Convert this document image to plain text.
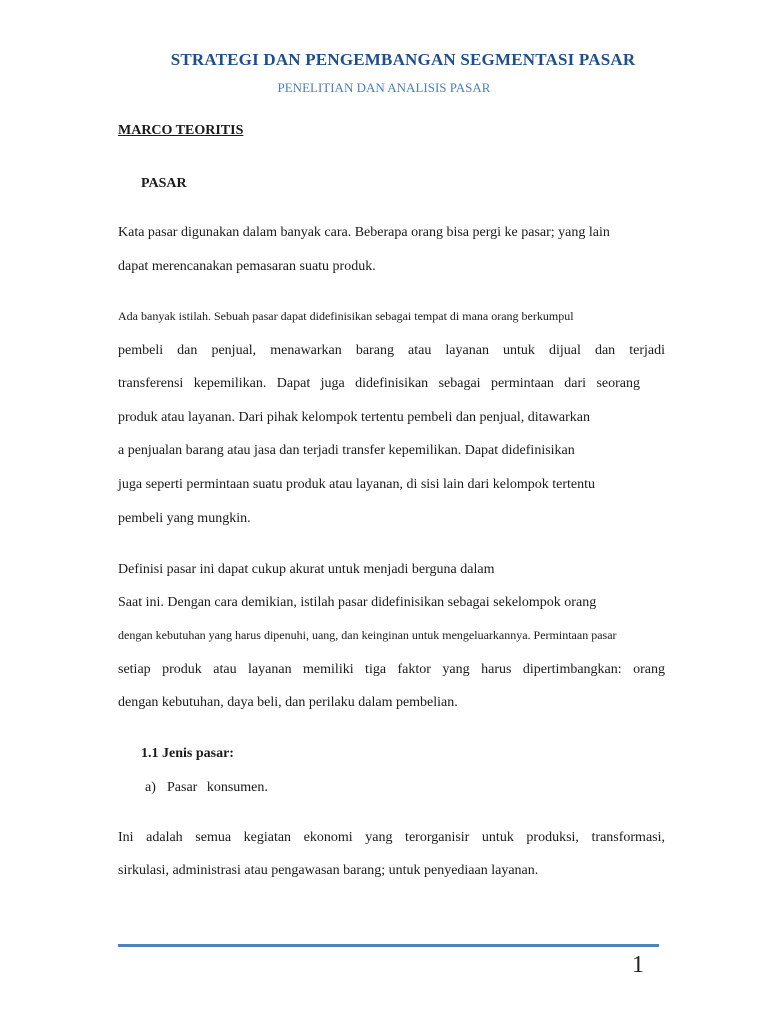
STRATEGI DAN PENGEMBANGAN SEGMENTASI PASAR
PENELITIAN DAN ANALISIS PASAR
MARCO TEORITIS
PASAR
Kata pasar digunakan dalam banyak cara. Beberapa orang bisa pergi ke pasar; yang lain
dapat merencanakan pemasaran suatu produk.
Ada banyak istilah. Sebuah pasar dapat didefinisikan sebagai tempat di mana orang berkumpul
pembeli dan penjual, menawarkan barang atau layanan untuk dijual dan terjadi
transferensi kepemilikan. Dapat juga didefinisikan sebagai permintaan dari seorang
produk atau layanan. Dari pihak kelompok tertentu pembeli dan penjual, ditawarkan
a penjualan barang atau jasa dan terjadi transfer kepemilikan. Dapat didefinisikan
juga seperti permintaan suatu produk atau layanan, di sisi lain dari kelompok tertentu
pembeli yang mungkin.
Definisi pasar ini dapat cukup akurat untuk menjadi berguna dalam
Saat ini. Dengan cara demikian, istilah pasar didefinisikan sebagai sekelompok orang
dengan kebutuhan yang harus dipenuhi, uang, dan keinginan untuk mengeluarkannya. Permintaan pasar
setiap produk atau layanan memiliki tiga faktor yang harus dipertimbangkan: orang
dengan kebutuhan, daya beli, dan perilaku dalam pembelian.
1.1 Jenis pasar:
a) Pasar konsumen.
Ini adalah semua kegiatan ekonomi yang terorganisir untuk produksi, transformasi,
sirkulasi, administrasi atau pengawasan barang; untuk penyediaan layanan.
1
